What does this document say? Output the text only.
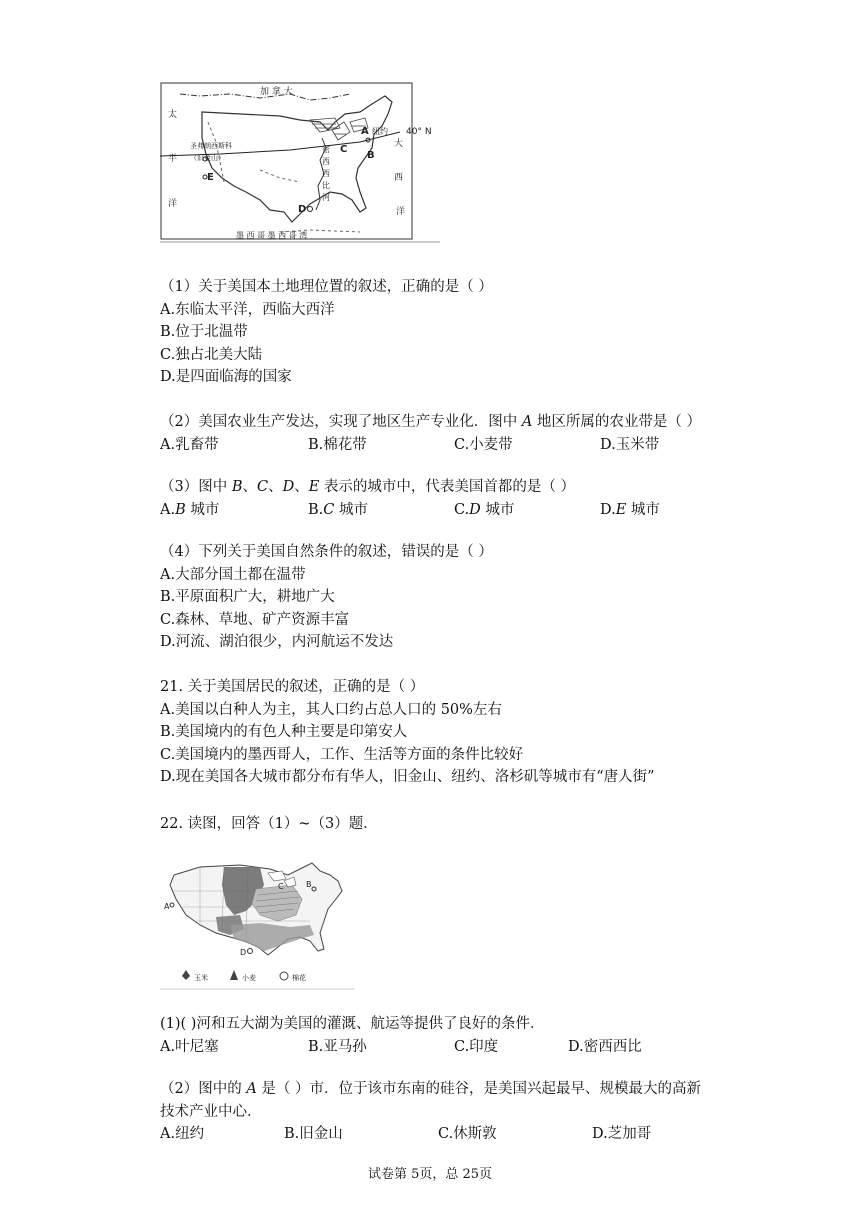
加 拿 大
太
平
洋
大
西
洋
圣弗朗西斯科
（旧金山）
纽约 40° N
墨 西 哥 墨 西 哥 湾
密
西
西
比
河
A
B
C
D
E
（1）关于美国本土地理位置的叙述，正确的是（ ）
A.东临太平洋，西临大西洋
B.位于北温带
C.独占北美大陆
D.是四面临海的国家
（2）美国农业生产发达，实现了地区生产专业化．图中 𝐴 地区所属的农业带是（ ）
A.乳畜带	B.棉花带	C.小麦带	D.玉米带
（3）图中 𝐵、𝐶、𝐷、𝐸 表示的城市中，代表美国首都的是（ ）
A.𝐵 城市	B.𝐶 城市	C.𝐷 城市	D.𝐸 城市
（4）下列关于美国自然条件的叙述，错误的是（ ）
A.大部分国土都在温带
B.平原面积广大，耕地广大
C.森林、草地、矿产资源丰富
D.河流、湖泊很少，内河航运不发达
21. 关于美国居民的叙述，正确的是（ ）
A.美国以白种人为主，其人口约占总人口的 50%左右
B.美国境内的有色人种主要是印第安人
C.美国境内的墨西哥人，工作、生活等方面的条件比较好
D.现在美国各大城市都分布有华人，旧金山、纽约、洛杉矶等城市有“唐人街”
22. 读图，回答（1）~（3）题．
A
B
C
D
玉米	小麦	棉花
(1)( )河和五大湖为美国的灌溉、航运等提供了良好的条件．
A.叶尼塞	B.亚马孙	C.印度	D.密西西比
（2）图中的 𝐴 是（ ）市．位于该市东南的硅谷，是美国兴起最早、规模最大的高新
技术产业中心．
A.纽约	B.旧金山	C.休斯敦	D.芝加哥
试卷第 5页，总 25页
